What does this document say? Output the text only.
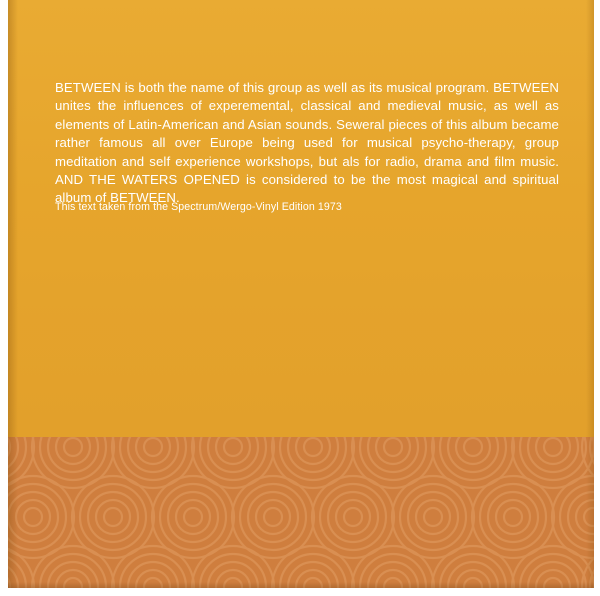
BETWEEN is both the name of this group as well as its musical program. BETWEEN unites the influences of experemental, classical and medieval music, as well as elements of Latin-American and Asian sounds. Seweral pieces of this album became rather famous all over Europe being used for musical psycho-therapy, group meditation and self experience workshops, but als for radio, drama and film music. AND THE WATERS OPENED is considered to be the most magical and spiritual album of BETWEEN.
This text taken from the Spectrum/Wergo-Vinyl Edition 1973
